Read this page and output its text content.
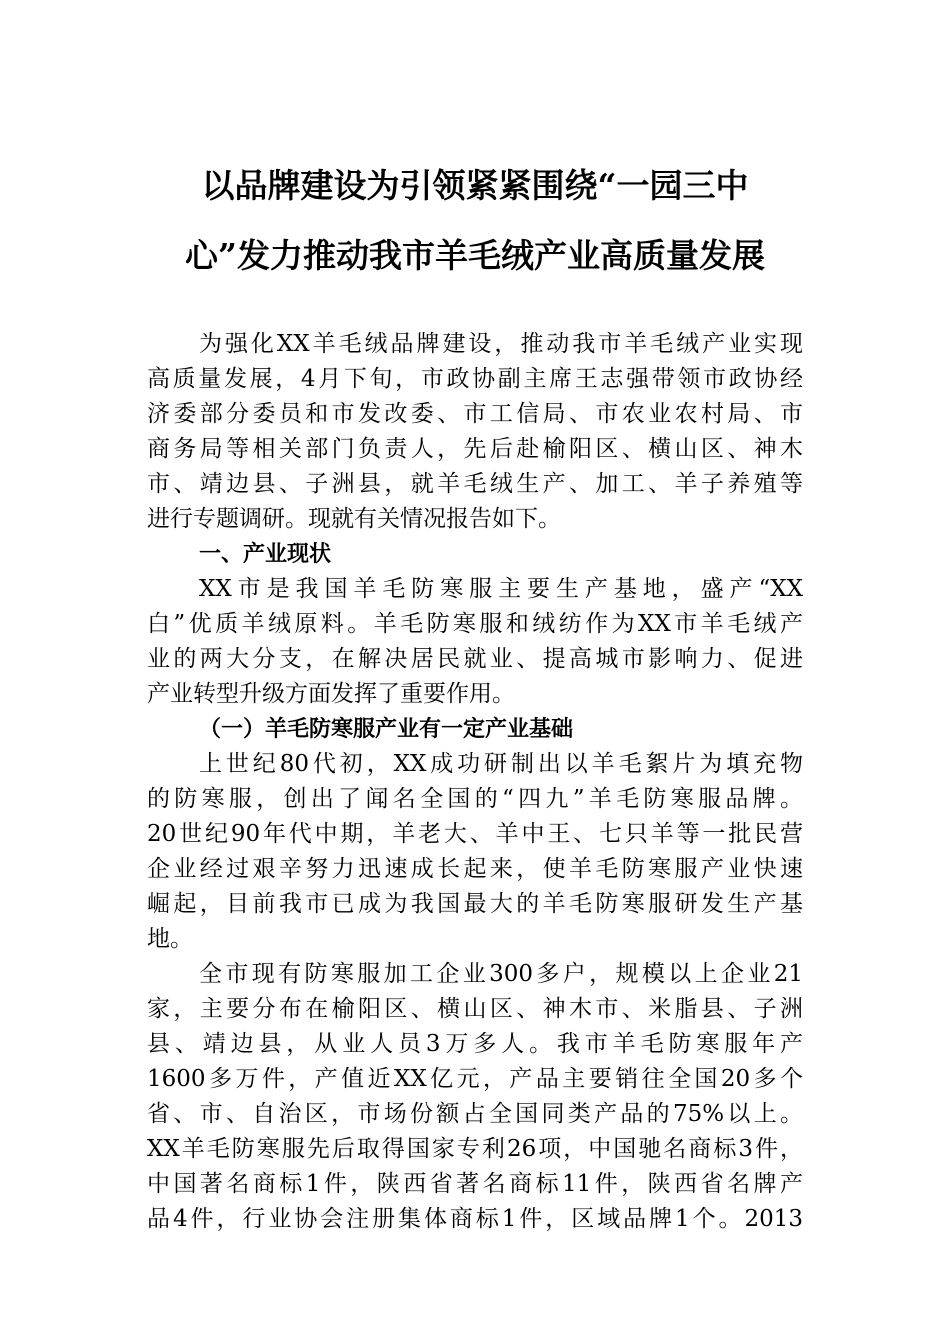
以品牌建设为引领紧紧围绕“一园三中
心”发力推动我市羊毛绒产业高质量发展
为强化XX羊毛绒品牌建设，推动我市羊毛绒产业实现
高质量发展，4月下旬，市政协副主席王志强带领市政协经
济委部分委员和市发改委、市工信局、市农业农村局、市
商务局等相关部门负责人，先后赴榆阳区、横山区、神木
市、靖边县、子洲县，就羊毛绒生产、加工、羊子养殖等
进行专题调研。现就有关情况报告如下。
一、产业现状
XX市是我国羊毛防寒服主要生产基地，盛产“XX
白”优质羊绒原料。羊毛防寒服和绒纺作为XX市羊毛绒产
业的两大分支，在解决居民就业、提高城市影响力、促进
产业转型升级方面发挥了重要作用。
（一）羊毛防寒服产业有一定产业基础
上世纪80代初，XX成功研制出以羊毛絮片为填充物
的防寒服，创出了闻名全国的“四九”羊毛防寒服品牌。
20世纪90年代中期，羊老大、羊中王、七只羊等一批民营
企业经过艰辛努力迅速成长起来，使羊毛防寒服产业快速
崛起，目前我市已成为我国最大的羊毛防寒服研发生产基
地。
全市现有防寒服加工企业300多户，规模以上企业21
家，主要分布在榆阳区、横山区、神木市、米脂县、子洲
县、靖边县，从业人员3万多人。我市羊毛防寒服年产
1600多万件，产值近XX亿元，产品主要销往全国20多个
省、市、自治区，市场份额占全国同类产品的75%以上。
XX羊毛防寒服先后取得国家专利26项，中国驰名商标3件，
中国著名商标1件，陕西省著名商标11件，陕西省名牌产
品4件，行业协会注册集体商标1件，区域品牌1个。2013
